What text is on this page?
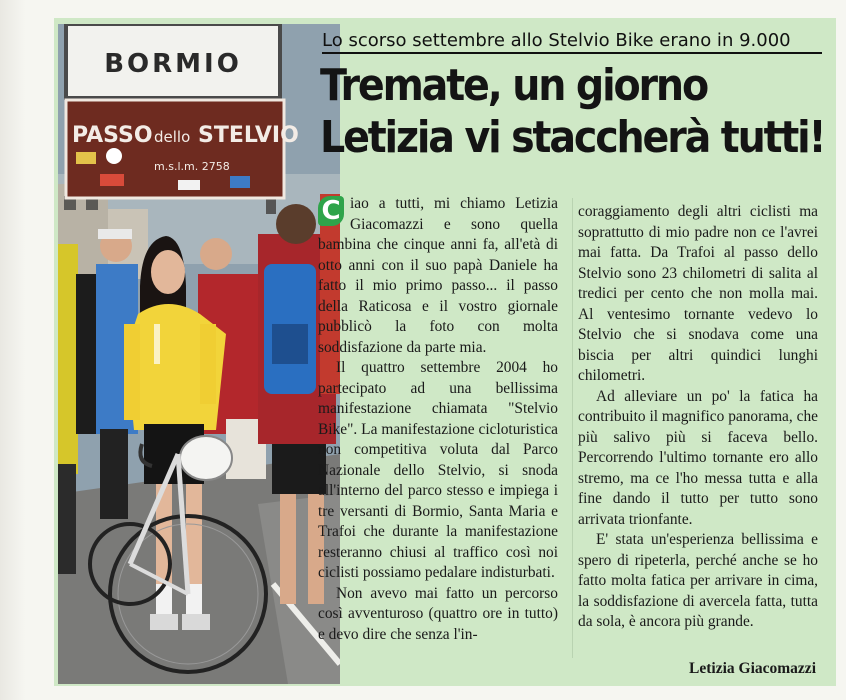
BORMIO
PASSO dello STELVIO
m.s.l.m. 2758
Lo scorso settembre allo Stelvio Bike erano in 9.000
Tremate, un giorno
Letizia vi staccherà tutti!

C iao a tutti, mi chiamo Letizia Giacomazzi e sono quella bambina che cinque anni fa, all'età di otto anni con il suo papà Daniele ha fatto il mio primo passo... il passo della Raticosa e il vostro giornale pubblicò la foto con molta soddisfazione da parte mia.

Il quattro settembre 2004 ho partecipato ad una bellissima manifestazione chiamata "Stelvio Bike". La manifestazione cicloturistica non competitiva voluta dal Parco Nazionale dello Stelvio, si snoda all'interno del parco stesso e impiega i tre versanti di Bormio, Santa Maria e Trafoi che durante la manifestazione resteranno chiusi al traffico così noi ciclisti possiamo pedalare indisturbati.

Non avevo mai fatto un percorso così avventuroso (quattro ore in tutto) e devo dire che senza l'in-

coraggiamento degli altri ciclisti ma soprattutto di mio padre non ce l'avrei mai fatta. Da Trafoi al passo dello Stelvio sono 23 chilometri di salita al tredici per cento che non molla mai. Al ventesimo tornante vedevo lo Stelvio che si snodava come una biscia per altri quindici lunghi chilometri.

Ad alleviare un po' la fatica ha contribuito il magnifico panorama, che più salivo più si faceva bello. Percorrendo l'ultimo tornante ero allo stremo, ma ce l'ho messa tutta e alla fine dando il tutto per tutto sono arrivata trionfante.

E' stata un'esperienza bellissima e spero di ripeterla, perché anche se ho fatto molta fatica per arrivare in cima, la soddisfazione di avercela fatta, tutta da sola, è ancora più grande.

Letizia Giacomazzi
